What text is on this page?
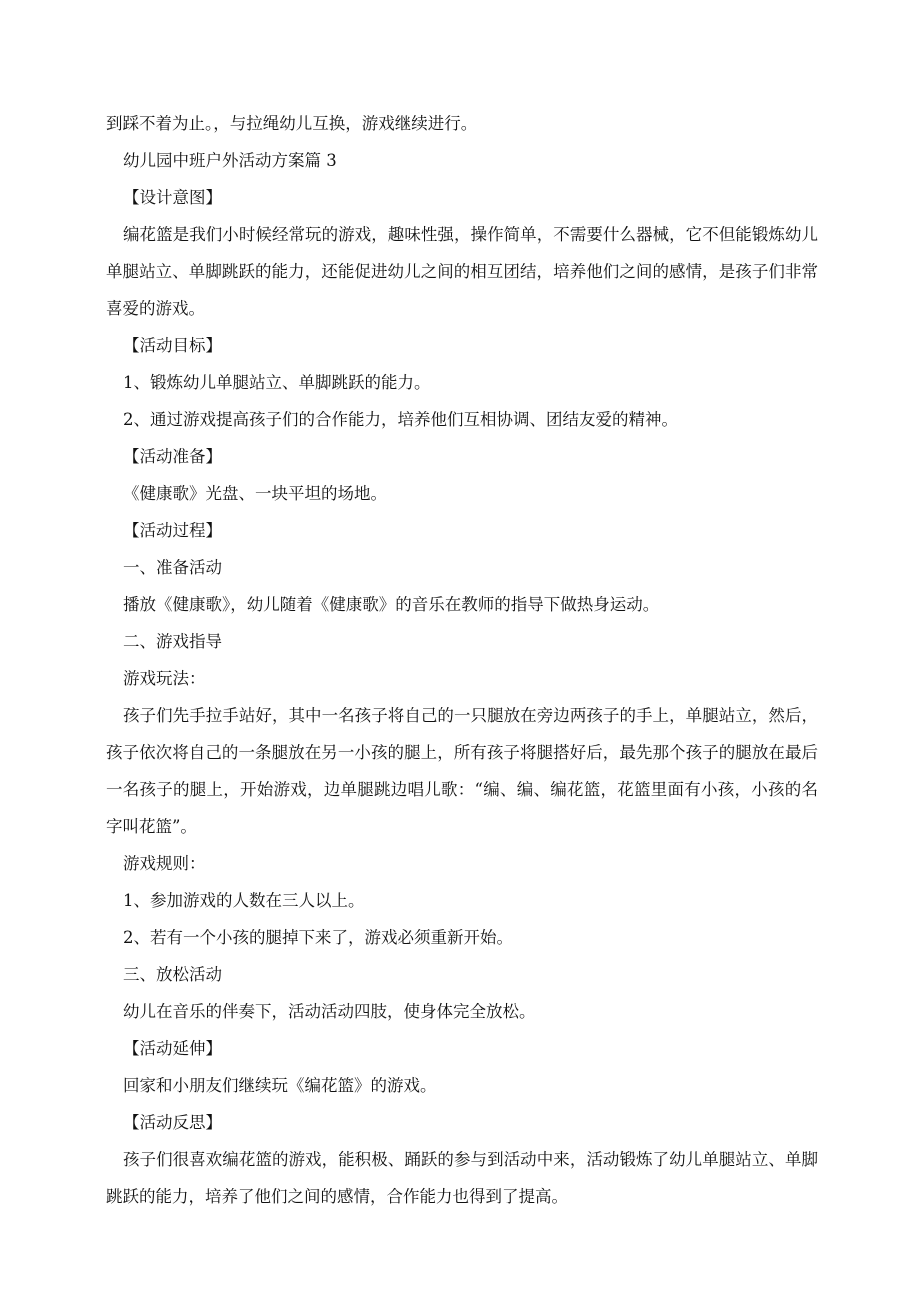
到踩不着为止。，与拉绳幼儿互换，游戏继续进行。

幼儿园中班户外活动方案篇 3

【设计意图】

编花篮是我们小时候经常玩的游戏，趣味性强，操作简单，不需要什么器械，它不但能锻炼幼儿单腿站立、单脚跳跃的能力，还能促进幼儿之间的相互团结，培养他们之间的感情，是孩子们非常喜爱的游戏。

【活动目标】

1、锻炼幼儿单腿站立、单脚跳跃的能力。

2、通过游戏提高孩子们的合作能力，培养他们互相协调、团结友爱的精神。

【活动准备】

《健康歌》光盘、一块平坦的场地。

【活动过程】

一、准备活动

播放《健康歌》，幼儿随着《健康歌》的音乐在教师的指导下做热身运动。

二、游戏指导

游戏玩法：

孩子们先手拉手站好，其中一名孩子将自己的一只腿放在旁边两孩子的手上，单腿站立，然后，孩子依次将自己的一条腿放在另一小孩的腿上，所有孩子将腿搭好后，最先那个孩子的腿放在最后一名孩子的腿上，开始游戏，边单腿跳边唱儿歌：“编、编、编花篮，花篮里面有小孩，小孩的名字叫花篮”。

游戏规则：

1、参加游戏的人数在三人以上。

2、若有一个小孩的腿掉下来了，游戏必须重新开始。

三、放松活动

幼儿在音乐的伴奏下，活动活动四肢，使身体完全放松。

【活动延伸】

回家和小朋友们继续玩《编花篮》的游戏。

【活动反思】

孩子们很喜欢编花篮的游戏，能积极、踊跃的参与到活动中来，活动锻炼了幼儿单腿站立、单脚跳跃的能力，培养了他们之间的感情，合作能力也得到了提高。
